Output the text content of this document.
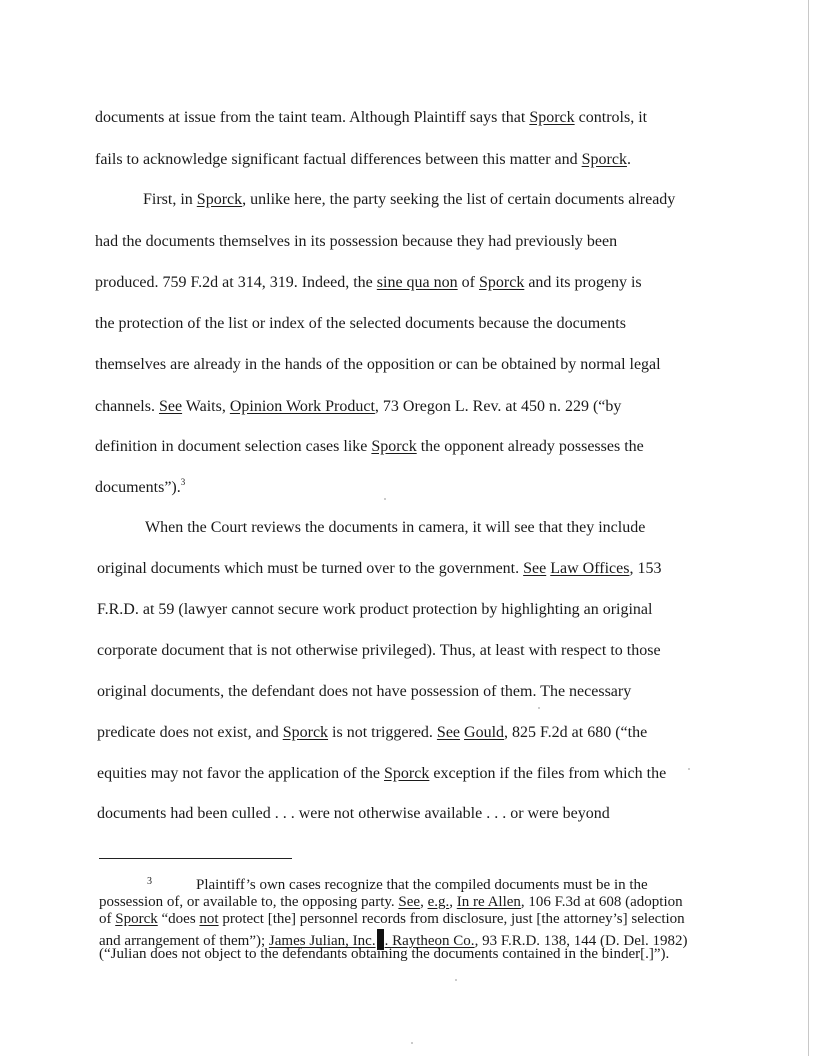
documents at issue from the taint team. Although Plaintiff says that Sporck controls, it
fails to acknowledge significant factual differences between this matter and Sporck.
First, in Sporck, unlike here, the party seeking the list of certain documents already
had the documents themselves in its possession because they had previously been
produced. 759 F.2d at 314, 319. Indeed, the sine qua non of Sporck and its progeny is
the protection of the list or index of the selected documents because the documents
themselves are already in the hands of the opposition or can be obtained by normal legal
channels. See Waits, Opinion Work Product, 73 Oregon L. Rev. at 450 n. 229 (“by
definition in document selection cases like Sporck the opponent already possesses the
documents”).$^3$
When the Court reviews the documents in camera, it will see that they include
original documents which must be turned over to the government. See Law Offices, 153
F.R.D. at 59 (lawyer cannot secure work product protection by highlighting an original
corporate document that is not otherwise privileged). Thus, at least with respect to those
original documents, the defendant does not have possession of them. The necessary
predicate does not exist, and Sporck is not triggered. See Gould, 825 F.2d at 680 (“the
equities may not favor the application of the Sporck exception if the files from which the
documents had been culled . . . were not otherwise available . . . or were beyond
3	Plaintiff’s own cases recognize that the compiled documents must be in the
possession of, or available to, the opposing party. See, e.g., In re Allen, 106 F.3d at 608 (adoption
of Sporck “does not protect [the] personnel records from disclosure, just [the attorney’s] selection
and arrangement of them”); James Julian, Inc. . Raytheon Co., 93 F.R.D. 138, 144 (D. Del. 1982)
(“Julian does not object to the defendants obtaining the documents contained in the binder[.]”).
